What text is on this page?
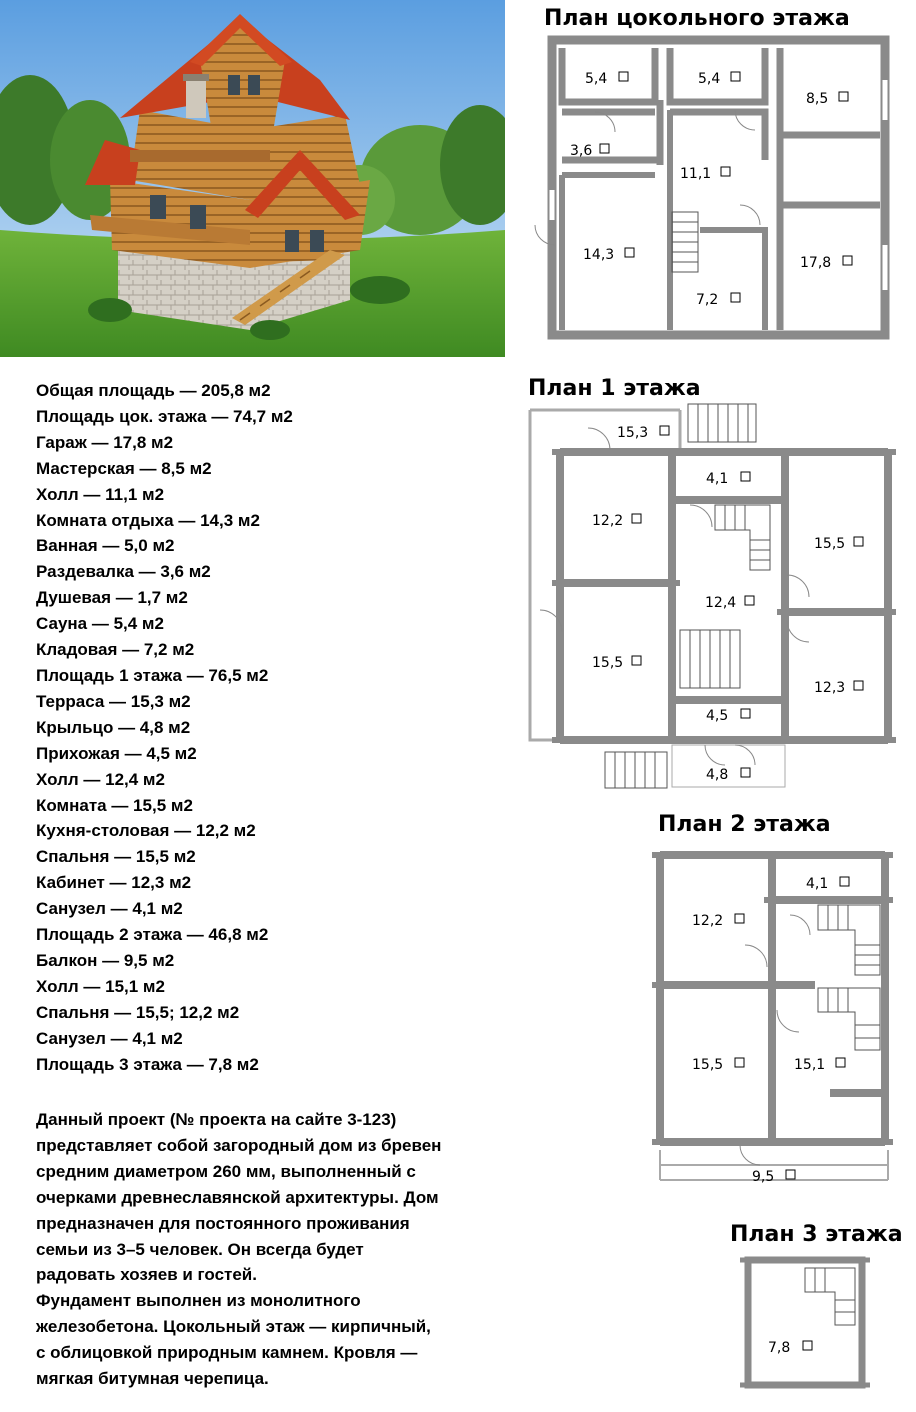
Общая площадь — 205,8 м2
Площадь цок. этажа — 74,7 м2
Гараж — 17,8 м2
Мастерская — 8,5 м2
Холл — 11,1 м2
Комната отдыха — 14,3 м2
Ванная — 5,0 м2
Раздевалка — 3,6 м2
Душевая — 1,7 м2
Сауна — 5,4 м2
Кладовая — 7,2 м2
Площадь 1 этажа — 76,5 м2
Терраса — 15,3 м2
Крыльцо — 4,8 м2
Прихожая — 4,5 м2
Холл — 12,4 м2
Комната — 15,5 м2
Кухня-столовая — 12,2 м2
Спальня — 15,5 м2
Кабинет — 12,3 м2
Санузел — 4,1 м2
Площадь 2 этажа — 46,8 м2
Балкон — 9,5 м2
Холл — 15,1 м2
Спальня — 15,5; 12,2 м2
Санузел — 4,1 м2
Площадь 3 этажа — 7,8 м2

Данный проект (№ проекта на сайте 3-123)

представляет собой загородный дом из бревен

средним диаметром 260 мм, выполненный с

очерками древнеславянской архитектуры. Дом

предназначен для постоянного проживания

семьи из 3–5 человек. Он всегда будет

радовать хозяев и гостей.

Фундамент выполнен из монолитного

железобетона. Цокольный этаж — кирпичный,

с облицовкой природным камнем. Кровля —

мягкая битумная черепица.

План цокольного этажа
План 1 этажа
План 2 этажа
План 3 этажа
5,4	5,4
8,5
3,6
11,1
14,3
7,2
17,8
15,3
4,1
12,2
15,5
12,4
15,5
12,3
4,5
4,8
4,1
12,2
15,5	15,1
9,5
7,8
